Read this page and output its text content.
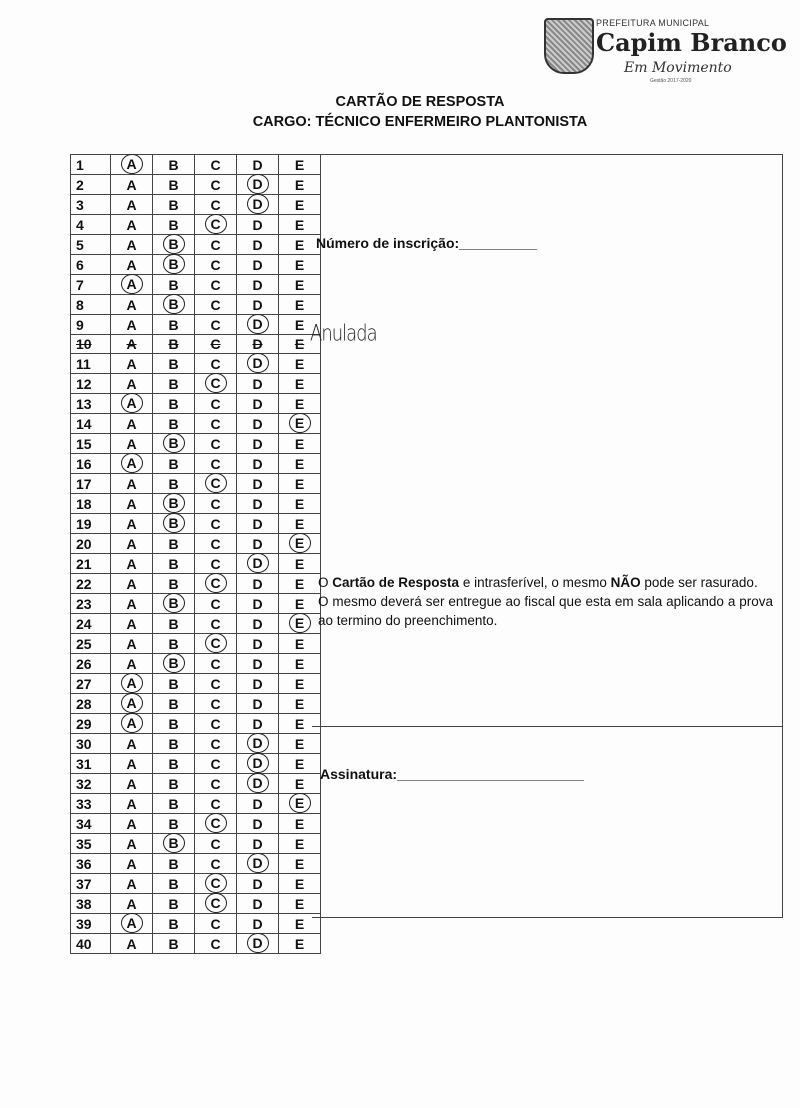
PREFEITURA MUNICIPAL
Capim Branco
Em Movimento
Gestão 2017-2020
CARTÃO DE RESPOSTA
CARGO: TÉCNICO ENFERMEIRO PLANTONISTA
1	A	B	C	D	E
2	A	B	C	D	E
3	A	B	C	D	E
4	A	B	C	D	E
5	A	B	C	D	E
6	A	B	C	D	E
7	A	B	C	D	E
8	A	B	C	D	E
9	A	B	C	D	E
10	A	B	C	D	E
11	A	B	C	D	E
12	A	B	C	D	E
13	A	B	C	D	E
14	A	B	C	D	E
15	A	B	C	D	E
16	A	B	C	D	E
17	A	B	C	D	E
18	A	B	C	D	E
19	A	B	C	D	E
20	A	B	C	D	E
21	A	B	C	D	E
22	A	B	C	D	E
23	A	B	C	D	E
24	A	B	C	D	E
25	A	B	C	D	E
26	A	B	C	D	E
27	A	B	C	D	E
28	A	B	C	D	E
29	A	B	C	D	E
30	A	B	C	D	E
31	A	B	C	D	E
32	A	B	C	D	E
33	A	B	C	D	E
34	A	B	C	D	E
35	A	B	C	D	E
36	A	B	C	D	E
37	A	B	C	D	E
38	A	B	C	D	E
39	A	B	C	D	E
40	A	B	C	D	E
Número de inscrição:__________
Anulada
O Cartão de Resposta e intrasferível, o mesmo NÃO pode ser rasurado.
O mesmo deverá ser entregue ao fiscal que esta em sala aplicando a prova ao termino do preenchimento.
Assinatura:________________________
